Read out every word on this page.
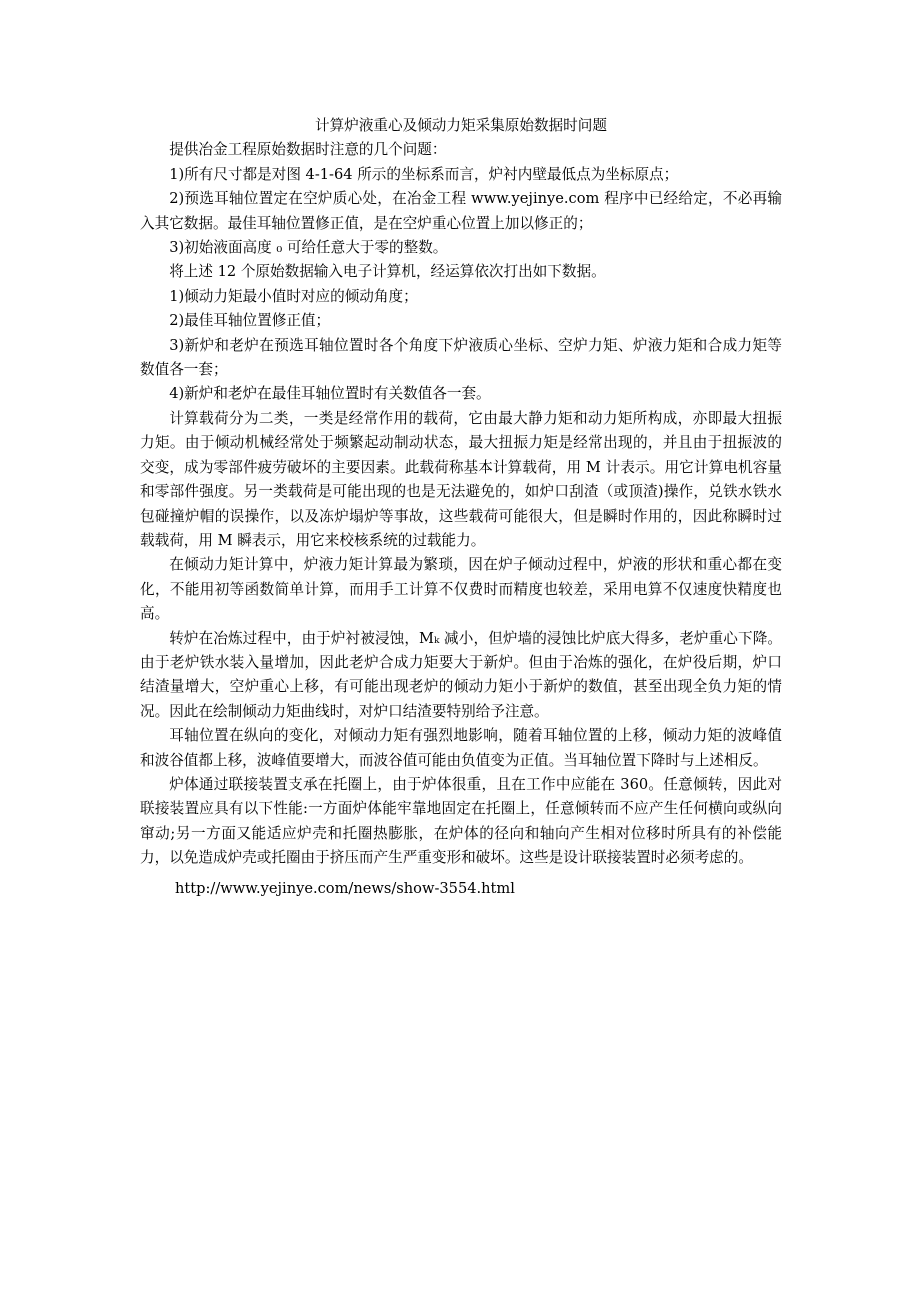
计算炉液重心及倾动力矩采集原始数据时问题

提供冶金工程原始数据时注意的几个问题：

1)所有尺寸都是对图 4-1-64 所示的坐标系而言，炉衬内壁最低点为坐标原点；

2)预选耳轴位置定在空炉质心处，在冶金工程 www.yejinye.com 程序中已经给定，不必再输入其它数据。最佳耳轴位置修正值，是在空炉重心位置上加以修正的；

3)初始液面高度 ₀ 可给任意大于零的整数。

将上述 12 个原始数据输入电子计算机，经运算依次打出如下数据。

1)倾动力矩最小值时对应的倾动角度；

2)最佳耳轴位置修正值；

3)新炉和老炉在预选耳轴位置时各个角度下炉液质心坐标、空炉力矩、炉液力矩和合成力矩等数值各一套；

4)新炉和老炉在最佳耳轴位置时有关数值各一套。

计算载荷分为二类，一类是经常作用的载荷，它由最大静力矩和动力矩所构成，亦即最大扭振力矩。由于倾动机械经常处于频繁起动制动状态，最大扭振力矩是经常出现的，并且由于扭振波的交变，成为零部件疲劳破坏的主要因素。此载荷称基本计算载荷，用 M 计表示。用它计算电机容量和零部件强度。另一类载荷是可能出现的也是无法避免的，如炉口刮渣（或顶渣)操作，兑铁水铁水包碰撞炉帽的误操作，以及冻炉塌炉等事故，这些载荷可能很大，但是瞬时作用的，因此称瞬时过载载荷，用 M 瞬表示，用它来校核系统的过载能力。

在倾动力矩计算中，炉液力矩计算最为繁琐，因在炉子倾动过程中，炉液的形状和重心都在变化，不能用初等函数简单计算，而用手工计算不仅费时而精度也较差，采用电算不仅速度快精度也高。

转炉在冶炼过程中，由于炉衬被浸蚀，Mₖ 减小，但炉墙的浸蚀比炉底大得多，老炉重心下降。由于老炉铁水装入量增加，因此老炉合成力矩要大于新炉。但由于冶炼的强化，在炉役后期，炉口结渣量增大，空炉重心上移，有可能出现老炉的倾动力矩小于新炉的数值，甚至出现全负力矩的情况。因此在绘制倾动力矩曲线时，对炉口结渣要特别给予注意。

耳轴位置在纵向的变化，对倾动力矩有强烈地影响，随着耳轴位置的上移，倾动力矩的波峰值和波谷值都上移，波峰值要增大，而波谷值可能由负值变为正值。当耳轴位置下降时与上述相反。

炉体通过联接装置支承在托圈上，由于炉体很重，且在工作中应能在 360。任意倾转，因此对联接装置应具有以下性能:一方面炉体能牢靠地固定在托圈上，任意倾转而不应产生任何横向或纵向窜动;另一方面又能适应炉壳和托圈热膨胀，在炉体的径向和轴向产生相对位移时所具有的补偿能力，以免造成炉壳或托圈由于挤压而产生严重变形和破坏。这些是设计联接装置时必须考虑的。

http://www.yejinye.com/news/show-3554.html
